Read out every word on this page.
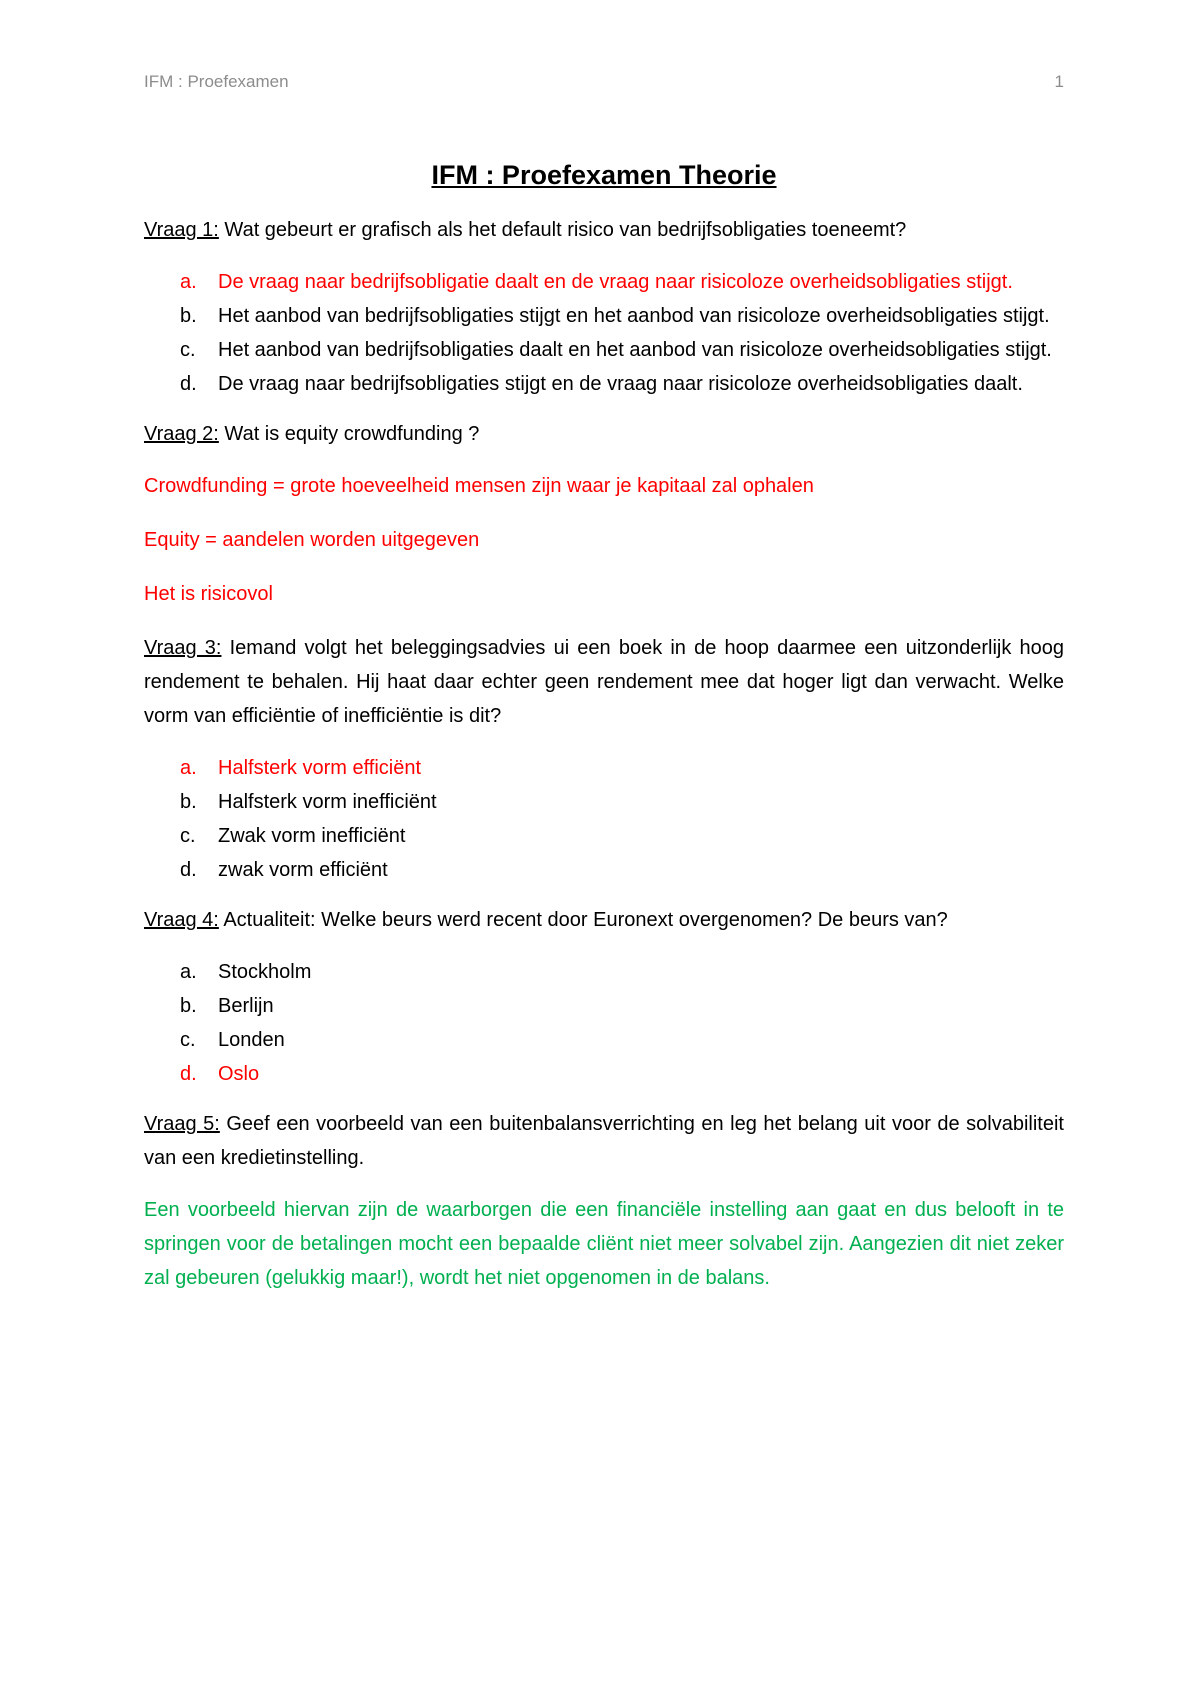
IFM : Proefexamen	1
IFM : Proefexamen Theorie

Vraag 1: Wat gebeurt er grafisch als het default risico van bedrijfsobligaties toeneemt?

a. De vraag naar bedrijfsobligatie daalt en de vraag naar risicoloze overheidsobligaties stijgt.
b. Het aanbod van bedrijfsobligaties stijgt en het aanbod van risicoloze overheidsobligaties stijgt.
c. Het aanbod van bedrijfsobligaties daalt en het aanbod van risicoloze overheidsobligaties stijgt.
d. De vraag naar bedrijfsobligaties stijgt en de vraag naar risicoloze overheidsobligaties daalt.

Vraag 2: Wat is equity crowdfunding ?

Crowdfunding = grote hoeveelheid mensen zijn waar je kapitaal zal ophalen

Equity = aandelen worden uitgegeven

Het is risicovol

Vraag 3: Iemand volgt het beleggingsadvies ui een boek in de hoop daarmee een uitzonderlijk hoog rendement te behalen. Hij haat daar echter geen rendement mee dat hoger ligt dan verwacht. Welke vorm van efficiëntie of inefficiëntie is dit?

a. Halfsterk vorm efficiënt
b. Halfsterk vorm inefficiënt
c. Zwak vorm inefficiënt
d. zwak vorm efficiënt

Vraag 4: Actualiteit: Welke beurs werd recent door Euronext overgenomen? De beurs van?

a. Stockholm
b. Berlijn
c. Londen
d. Oslo

Vraag 5: Geef een voorbeeld van een buitenbalansverrichting en leg het belang uit voor de solvabiliteit van een kredietinstelling.

Een voorbeeld hiervan zijn de waarborgen die een financiële instelling aan gaat en dus belooft in te springen voor de betalingen mocht een bepaalde cliënt niet meer solvabel zijn. Aangezien dit niet zeker zal gebeuren (gelukkig maar!), wordt het niet opgenomen in de balans.
